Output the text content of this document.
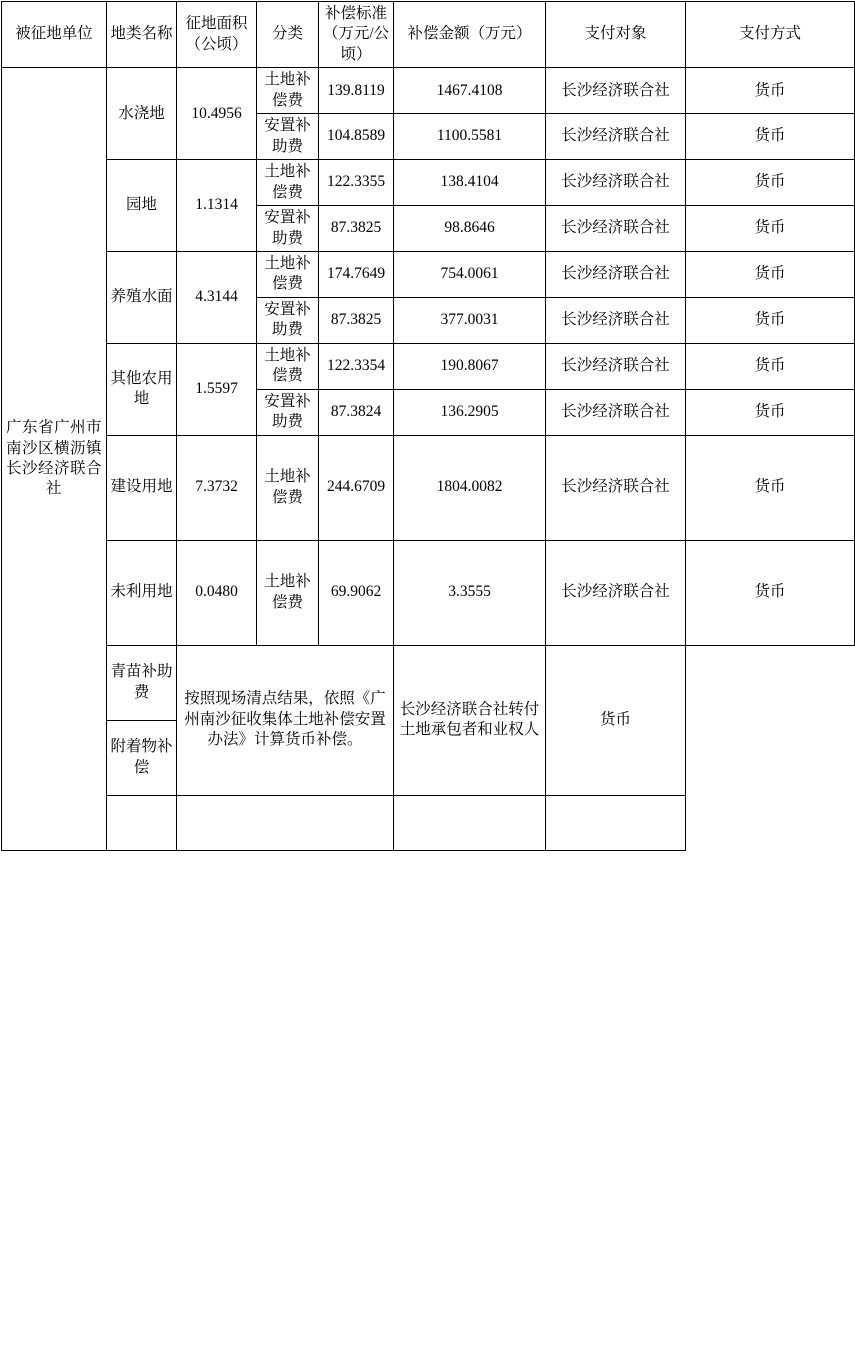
被征地单位	地类名称	征地面积（公顷）	分类	补偿标准（万元/公顷）	补偿金额（万元）	支付对象	支付方式
广东省广州市南沙区横沥镇长沙经济联合社	水浇地	10.4956	土地补偿费	139.8119	1467.4108	长沙经济联合社	货币
			安置补助费	104.8589	1100.5581	长沙经济联合社	货币
	园地	1.1314	土地补偿费	122.3355	138.4104	长沙经济联合社	货币
			安置补助费	87.3825	98.8646	长沙经济联合社	货币
	养殖水面	4.3144	土地补偿费	174.7649	754.0061	长沙经济联合社	货币
			安置补助费	87.3825	377.0031	长沙经济联合社	货币
	其他农用地	1.5597	土地补偿费	122.3354	190.8067	长沙经济联合社	货币
			安置补助费	87.3824	136.2905	长沙经济联合社	货币
	建设用地	7.3732	土地补偿费	244.6709	1804.0082	长沙经济联合社	货币
	未利用地	0.0480	土地补偿费	69.9062	3.3555	长沙经济联合社	货币
	青苗补助费	按照现场清点结果，依照《广州南沙征收集体土地补偿安置办法》计算货币补偿。			长沙经济联合社转付土地承包者和业权人	货币	
	附着物补偿						
